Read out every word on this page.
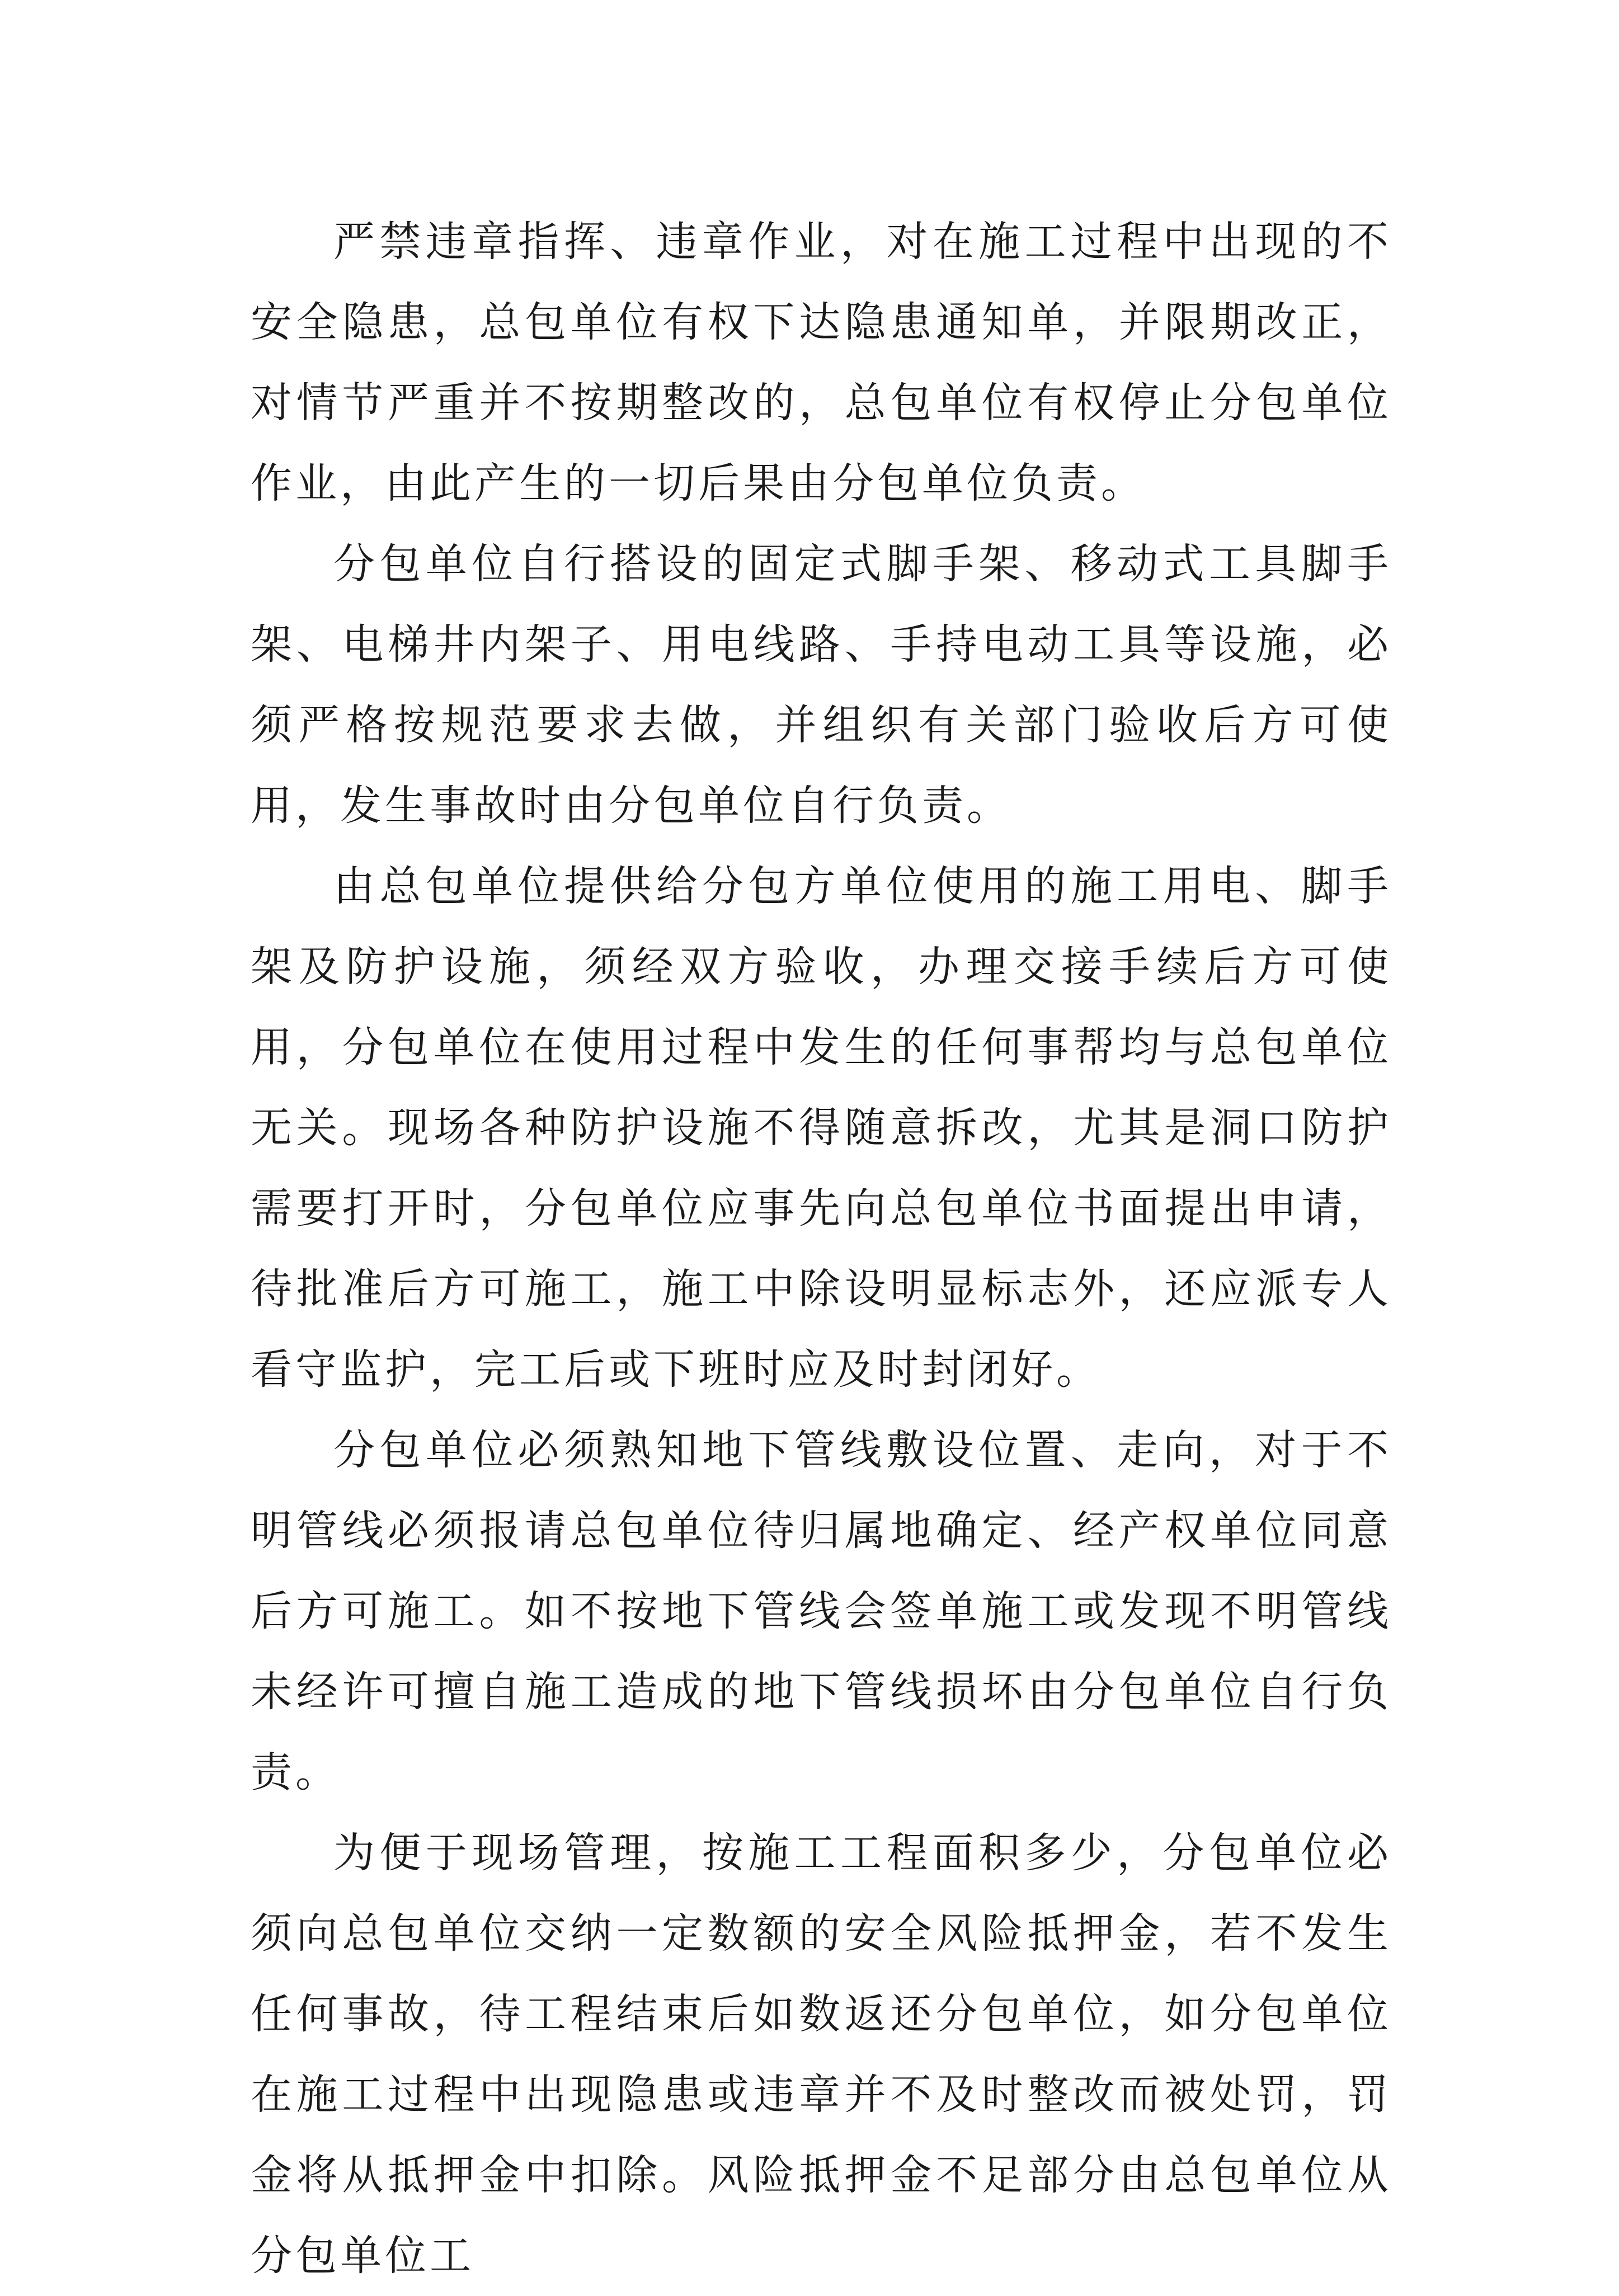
严禁违章指挥、违章作业，对在施工过程中出现的不安全隐患，总包单位有权下达隐患通知单，并限期改正，对情节严重并不按期整改的，总包单位有权停止分包单位作业，由此产生的一切后果由分包单位负责。

分包单位自行搭设的固定式脚手架、移动式工具脚手架、电梯井内架子、用电线路、手持电动工具等设施，必须严格按规范要求去做，并组织有关部门验收后方可使用，发生事故时由分包单位自行负责。

由总包单位提供给分包方单位使用的施工用电、脚手架及防护设施，须经双方验收，办理交接手续后方可使用，分包单位在使用过程中发生的任何事帮均与总包单位无关。现场各种防护设施不得随意拆改，尤其是洞口防护需要打开时，分包单位应事先向总包单位书面提出申请，待批准后方可施工，施工中除设明显标志外，还应派专人看守监护，完工后或下班时应及时封闭好。

分包单位必须熟知地下管线敷设位置、走向，对于不明管线必须报请总包单位待归属地确定、经产权单位同意后方可施工。如不按地下管线会签单施工或发现不明管线未经许可擅自施工造成的地下管线损坏由分包单位自行负责。

为便于现场管理，按施工工程面积多少，分包单位必须向总包单位交纳一定数额的安全风险抵押金，若不发生任何事故，待工程结束后如数返还分包单位，如分包单位在施工过程中出现隐患或违章并不及时整改而被处罚，罚金将从抵押金中扣除。风险抵押金不足部分由总包单位从分包单位工
